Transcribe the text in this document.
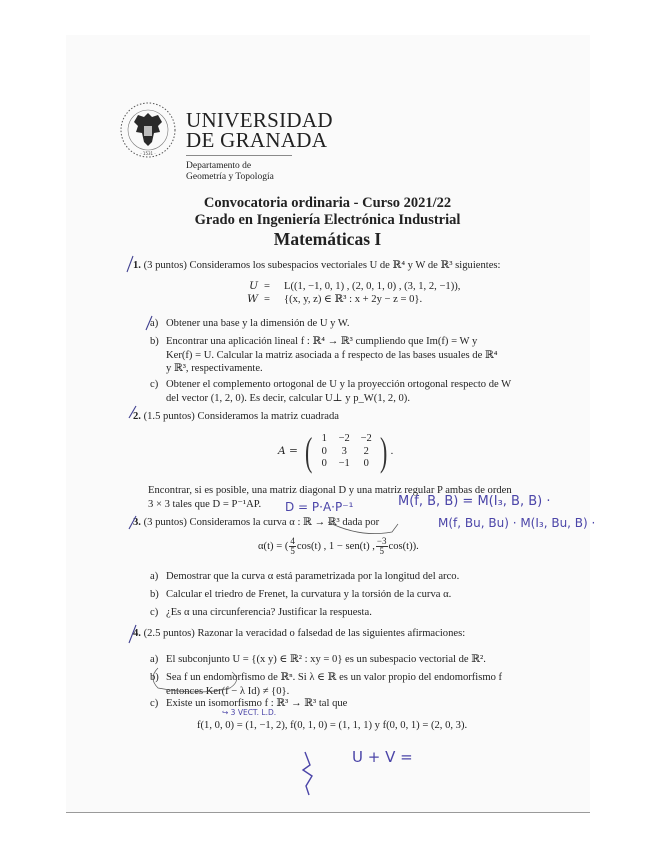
· 1531 ·
UNIVERSIDAD
DE GRANADA
Departamento de
Geometría y Topología
Convocatoria ordinaria - Curso 2021/22
Grado en Ingeniería Electrónica Industrial
Matemáticas I
1. (3 puntos) Consideramos los subespacios vectoriales U de ℝ⁴ y W de ℝ³ siguientes:
U = L((1, −1, 0, 1) , (2, 0, 1, 0) , (3, 1, 2, −1)),
W = {(x, y, z) ∈ ℝ³ : x + 2y − z = 0}.
a) Obtener una base y la dimensión de U y W.
b) Encontrar una aplicación lineal f : ℝ⁴ → ℝ³ cumpliendo que Im(f) = W y
Ker(f) = U. Calcular la matriz asociada a f respecto de las bases usuales de ℝ⁴
y ℝ³, respectivamente.
c) Obtener el complemento ortogonal de U y la proyección ortogonal respecto de W
del vector (1, 2, 0). Es decir, calcular U⊥ y p_W(1, 2, 0).
2. (1.5 puntos) Consideramos la matriz cuadrada
A = ( 1	−2	−2
0	3	2
0	−1	0 ) .
Encontrar, si es posible, una matriz diagonal D y una matriz regular P ambas de orden
3 × 3 tales que D = P⁻¹AP.
3. (3 puntos) Consideramos la curva α : ℝ → ℝ³ dada por
α(t) = ( $\frac{4}{5} \cos(t)$ , 1 − sen(t) , $\frac{-3}{5} \cos(t)$).
a) Demostrar que la curva α está parametrizada por la longitud del arco.
b) Calcular el triedro de Frenet, la curvatura y la torsión de la curva α.
c) ¿Es α una circunferencia? Justificar la respuesta.
4. (2.5 puntos) Razonar la veracidad o falsedad de las siguientes afirmaciones:
a) El subconjunto U = {(x y) ∈ ℝ² : xy = 0} es un subespacio vectorial de ℝ².
b) Sea f un endomorfismo de ℝⁿ. Si λ ∈ ℝ es un valor propio del endomorfismo f
entonces Ker(f − λ Id) ≠ {0}.
c) Existe un isomorfismo f : ℝ³ → ℝ³ tal que
f(1, 0, 0) = (1, −1, 2), f(0, 1, 0) = (1, 1, 1) y f(0, 0, 1) = (2, 0, 3).
D = P·A·P⁻¹	M(f, B, B) = M(I₃, B, B) ·
M(f, Bu, Bu) · M(I₃, Bu, B) ·
↪ 3 VECT. L.D.
U + V =
